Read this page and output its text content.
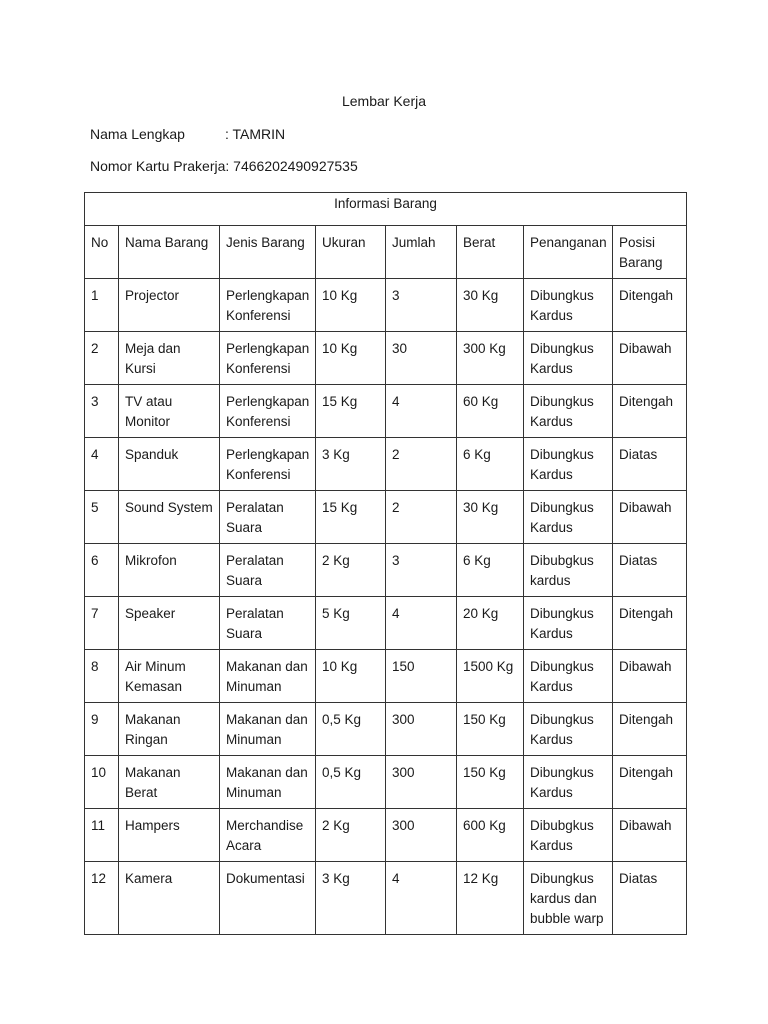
Lembar Kerja
Nama Lengkap	: TAMRIN
Nomor Kartu Prakerja: 7466202490927535
Informasi Barang							
No	Nama Barang	Jenis Barang	Ukuran	Jumlah	Berat	Penanganan	Posisi Barang
1	Projector	Perlengkapan Konferensi	10 Kg	3	30 Kg	Dibungkus Kardus	Ditengah
2	Meja dan Kursi	Perlengkapan Konferensi	10 Kg	30	300 Kg	Dibungkus Kardus	Dibawah
3	TV atau Monitor	Perlengkapan Konferensi	15 Kg	4	60 Kg	Dibungkus Kardus	Ditengah
4	Spanduk	Perlengkapan Konferensi	3 Kg	2	6 Kg	Dibungkus Kardus	Diatas
5	Sound System	Peralatan Suara	15 Kg	2	30 Kg	Dibungkus Kardus	Dibawah
6	Mikrofon	Peralatan Suara	2 Kg	3	6 Kg	Dibubgkus kardus	Diatas
7	Speaker	Peralatan Suara	5 Kg	4	20 Kg	Dibungkus Kardus	Ditengah
8	Air Minum Kemasan	Makanan dan Minuman	10 Kg	150	1500 Kg	Dibungkus Kardus	Dibawah
9	Makanan Ringan	Makanan dan Minuman	0,5 Kg	300	150 Kg	Dibungkus Kardus	Ditengah
10	Makanan Berat	Makanan dan Minuman	0,5 Kg	300	150 Kg	Dibungkus Kardus	Ditengah
11	Hampers	Merchandise Acara	2 Kg	300	600 Kg	Dibubgkus Kardus	Dibawah
12	Kamera	Dokumentasi	3 Kg	4	12 Kg	Dibungkus kardus dan bubble warp	Diatas
